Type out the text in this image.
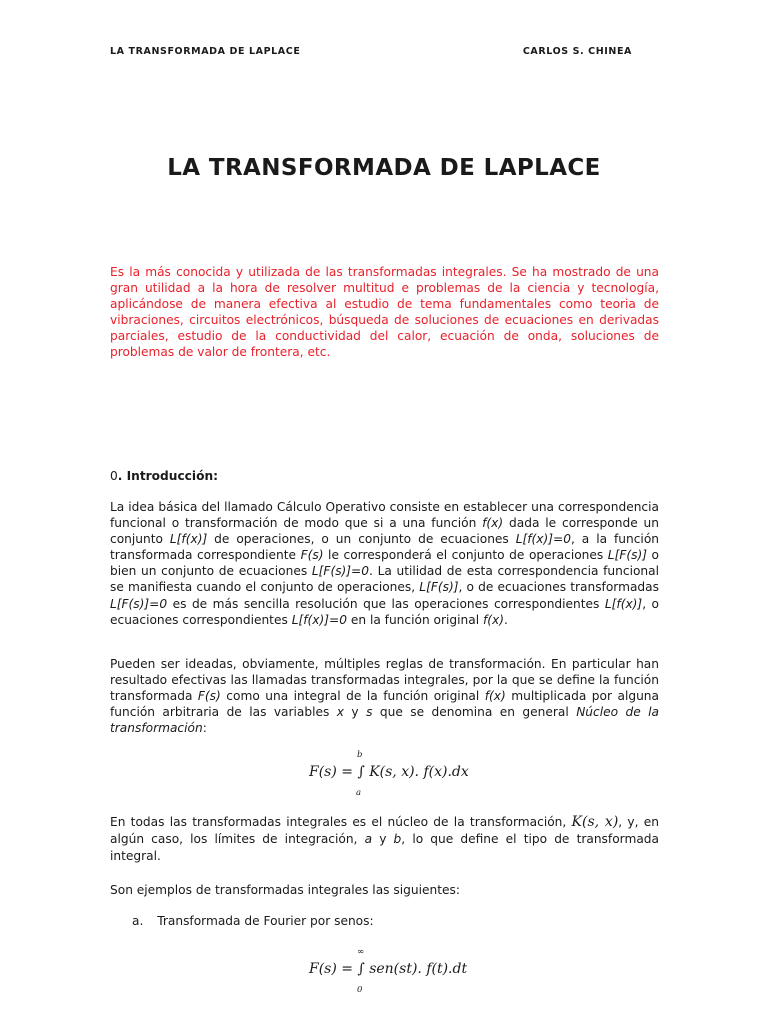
LA TRANSFORMADA DE LAPLACE	CARLOS S. CHINEA
LA TRANSFORMADA DE LAPLACE
Es la más conocida y utilizada de las transformadas integrales. Se ha mostrado de una gran utilidad a la hora de resolver multitud e problemas de la ciencia y tecnología, aplicándose de manera efectiva al estudio de tema fundamentales como teoria de vibraciones, circuitos electrónicos, búsqueda de soluciones de ecuaciones en derivadas parciales, estudio de la conductividad del calor, ecuación de onda, soluciones de problemas de valor de frontera, etc.
0. Introducción:
La idea básica del llamado Cálculo Operativo consiste en establecer una correspondencia funcional o transformación de modo que si a una función f(x) dada le corresponde un conjunto L[f(x)] de operaciones, o un conjunto de ecuaciones L[f(x)]=0, a la función transformada correspondiente F(s) le corresponderá el conjunto de operaciones L[F(s)] o bien un conjunto de ecuaciones L[F(s)]=0. La utilidad de esta correspondencia funcional se manifiesta cuando el conjunto de operaciones, L[F(s)], o de ecuaciones transformadas L[F(s)]=0 es de más sencilla resolución que las operaciones correspondientes L[f(x)], o ecuaciones correspondientes L[f(x)]=0 en la función original f(x).
Pueden ser ideadas, obviamente, múltiples reglas de transformación. En particular han resultado efectivas las llamadas transformadas integrales, por la que se define la función transformada F(s) como una integral de la función original f(x) multiplicada por alguna función arbitraria de las variables x y s que se denomina en general Núcleo de la transformación:
b
a
F(s) = ∫ K(s, x). f(x).dx
En todas las transformadas integrales es el núcleo de la transformación, K(s, x), y, en algún caso, los límites de integración, a y b, lo que define el tipo de transformada integral.
Son ejemplos de transformadas integrales las siguientes:
a. Transformada de Fourier por senos:
∞
0
F(s) = ∫ sen(st). f(t).dt
